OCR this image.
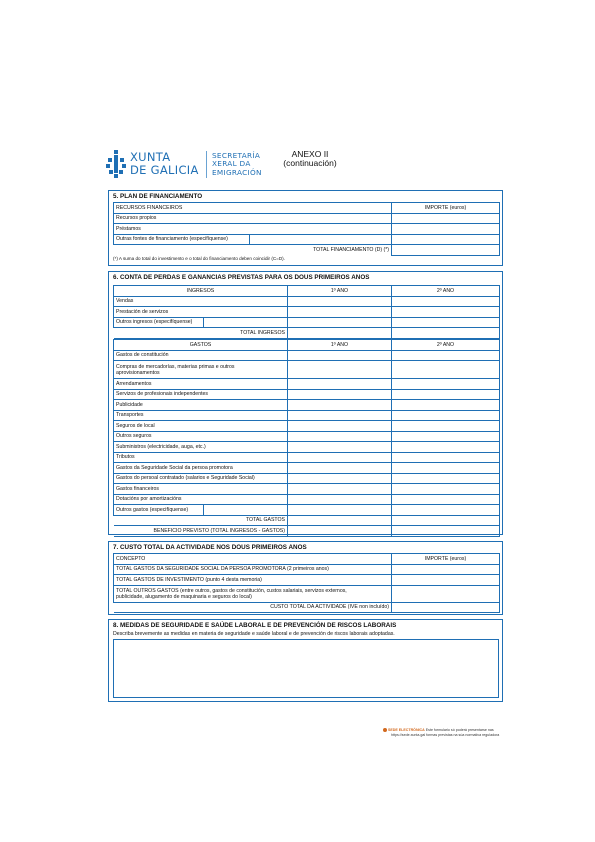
XUNTA
DE GALICIA
SECRETARÍA
XERAL DA
EMIGRACIÓN
ANEXO II
(continuación)
5. PLAN DE FINANCIAMENTO
RECURSOS FINANCEIROS		IMPORTE (euros)
Recursos propios		
Préstamos		
Outras fontes de financiamento (especifíquense)		
TOTAL FINANCIAMENTO (D) (*)		
(*) A suma do total do investimento e o total do financiamento deben coincidir (C=D).
6. CONTA DE PERDAS E GANANCIAS PREVISTAS PARA OS DOUS PRIMEIROS ANOS
INGRESOS		1º ANO	2º ANO
Vendas			
Prestación de servizos			
Outros ingresos (especifíquense)			
TOTAL INGRESOS			
GASTOS		1º ANO	2º ANO
Gastos de constitución			

Compras de mercadorías, materias primas e outros
aprovisionamentos			

Arrendamentos			
Servizos de profesionais independentes			
Publicidade			
Transportes			
Seguros de local			
Outros seguros			
Subministros (electricidade, auga, etc.)			
Tributos			
Gastos da Seguridade Social da persoa promotora			
Gastos do persoal contratado (salarios e Seguridade Social)			
Gastos financeiros			
Dotacións por amortizacións			
Outros gastos (especifíquense)			
TOTAL GASTOS			
BENEFICIO PREVISTO (TOTAL INGRESOS - GASTOS)			
7. CUSTO TOTAL DA ACTIVIDADE NOS DOUS PRIMEIROS ANOS
CONCEPTO	IMPORTE (euros)
TOTAL GASTOS DA SEGURIDADE SOCIAL DA PERSOA PROMOTORA (2 primeiros anos)	
TOTAL GASTOS DE INVESTIMENTO (punto 4 desta memoria)	

TOTAL OUTROS GASTOS (entre outros, gastos de constitución, custos salariais, servizos externos,
publicidade, alugamento de maquinaria e seguros do local)	

CUSTO TOTAL DA ACTIVIDADE (IVE non incluído)	
8. MEDIDAS DE SEGURIDADE E SAÚDE LABORAL E DE PREVENCIÓN DE RISCOS LABORAIS
Describa brevemente as medidas en materia de seguridade e saúde laboral e de prevención de riscos laborais adoptadas.
SEDE ELECTRÓNICA Este formulario só poderá presentarse nas
https://sede.xunta.gal formas previstas na súa normativa reguladora
